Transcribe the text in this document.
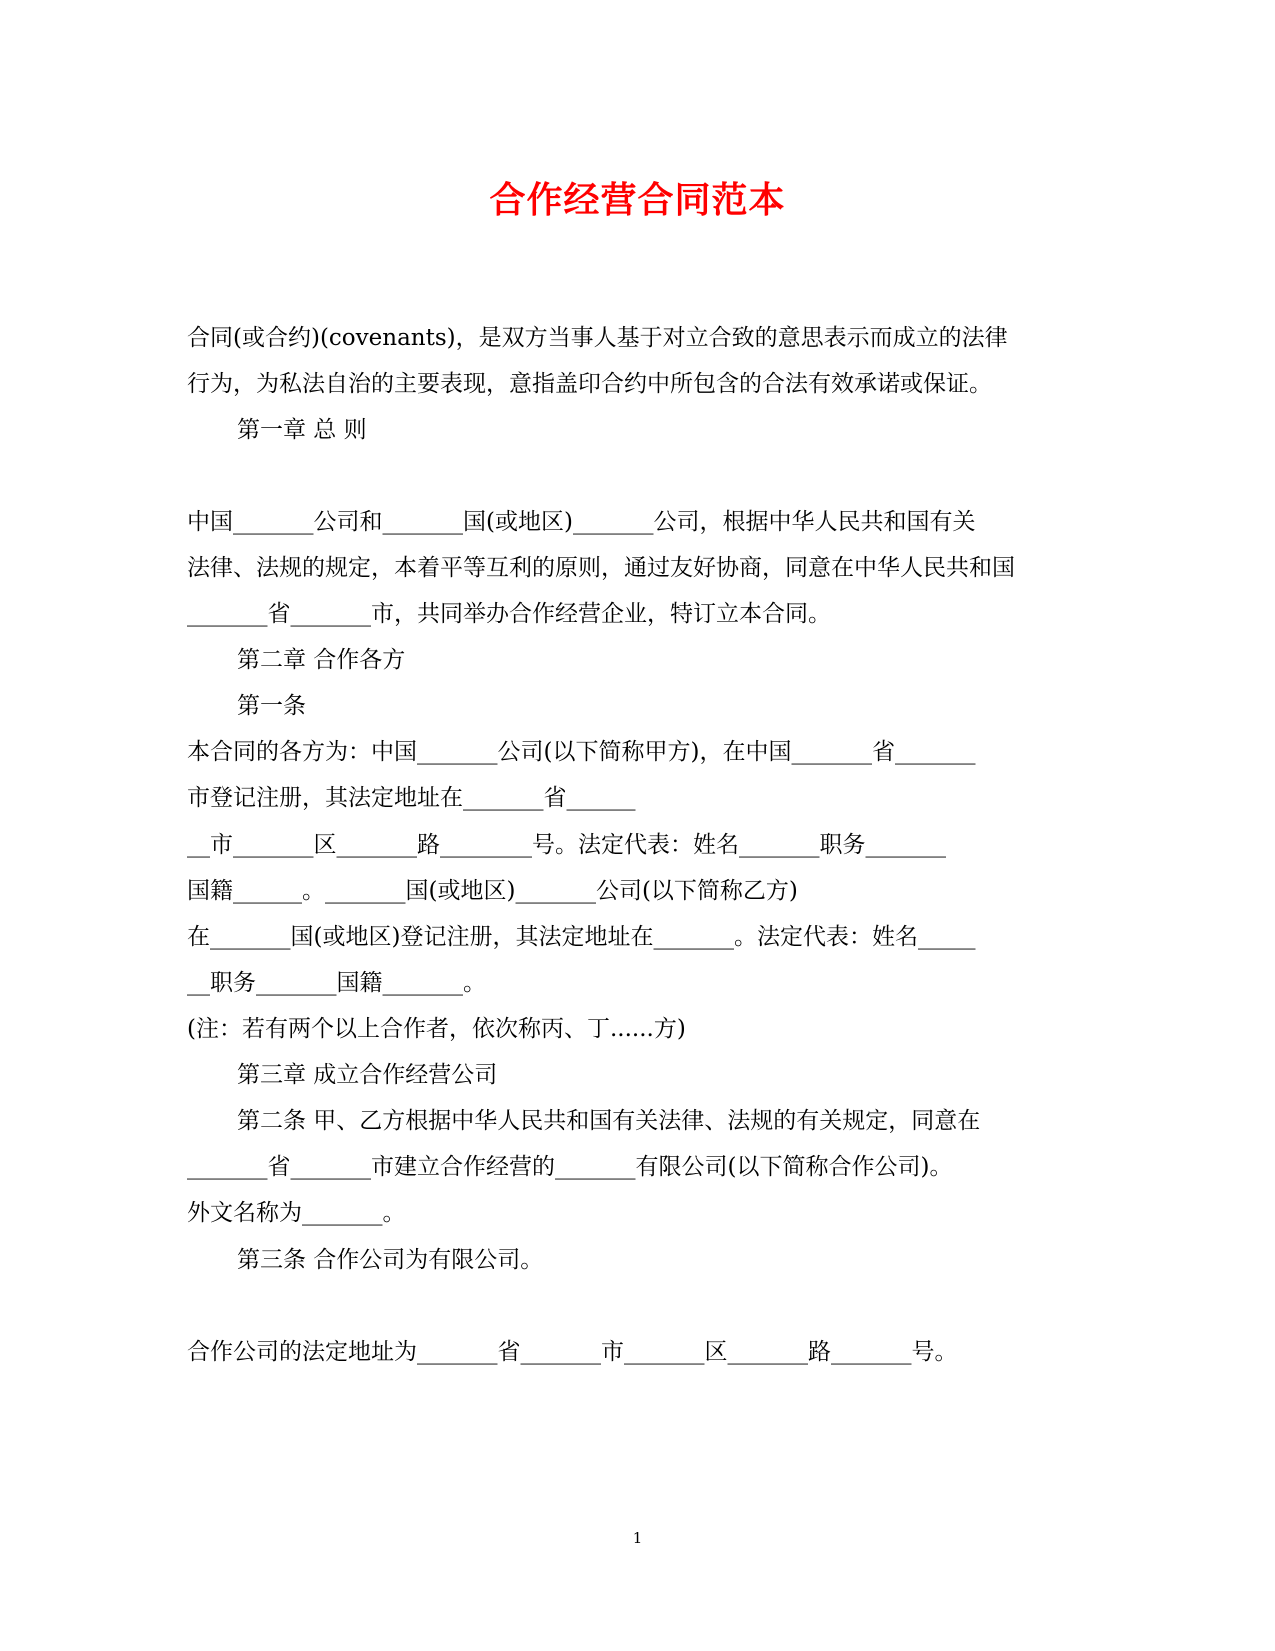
合作经营合同范本
合同(或合约)(covenants)，是双方当事人基于对立合致的意思表示而成立的法律
行为，为私法自治的主要表现，意指盖印合约中所包含的合法有效承诺或保证。
第一章 总 则
中国_______公司和_______国(或地区)_______公司，根据中华人民共和国有关
法律、法规的规定，本着平等互利的原则，通过友好协商，同意在中华人民共和国
_______省_______市，共同举办合作经营企业，特订立本合同。
第二章 合作各方
第一条
本合同的各方为：中国_______公司(以下简称甲方)，在中国_______省_______
市登记注册，其法定地址在_______省______
__市_______区_______路________号。法定代表：姓名_______职务_______
国籍______。_______国(或地区)_______公司(以下简称乙方)
在_______国(或地区)登记注册，其法定地址在_______。法定代表：姓名_____
__职务_______国籍_______。
(注：若有两个以上合作者，依次称丙、丁......方)
第三章 成立合作经营公司
第二条 甲、乙方根据中华人民共和国有关法律、法规的有关规定，同意在
_______省_______市建立合作经营的_______有限公司(以下简称合作公司)。
外文名称为_______。
第三条 合作公司为有限公司。
合作公司的法定地址为_______省_______市_______区_______路_______号。
1
